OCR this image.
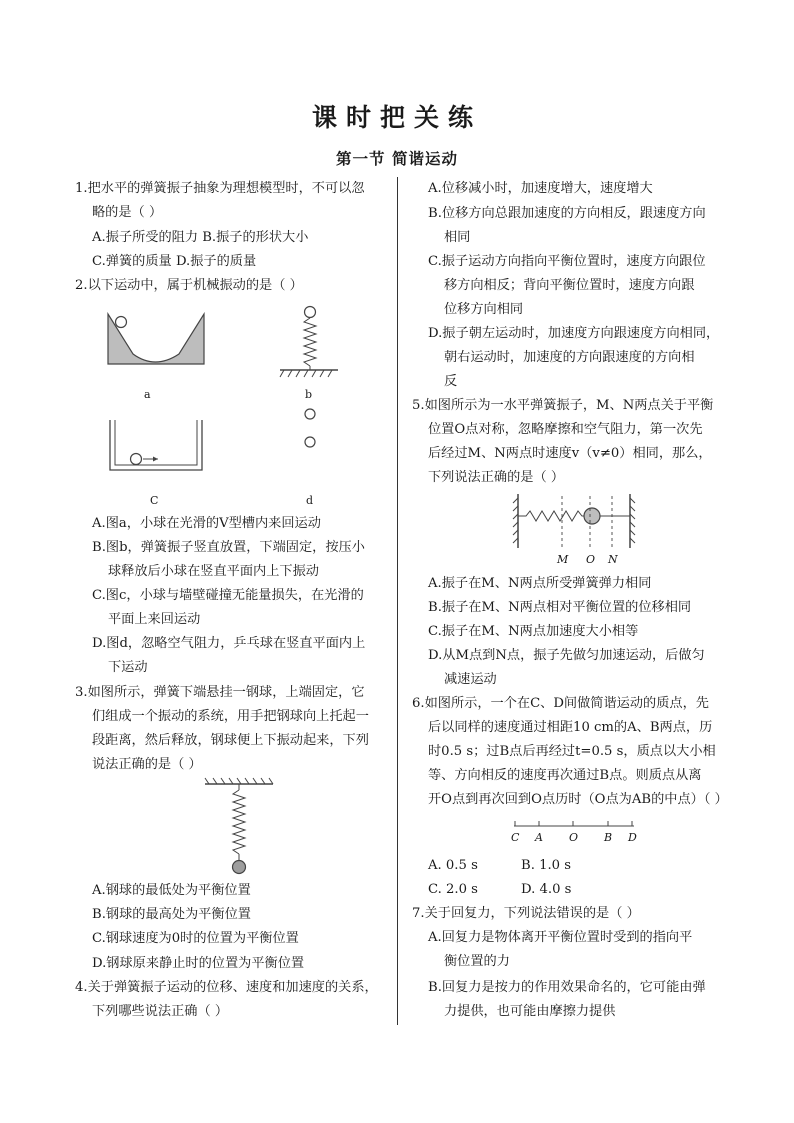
课时把关练
第一节 简谐运动
1.把水平的弹簧振子抽象为理想模型时，不可以忽
略的是（ ）
A.振子所受的阻力 B.振子的形状大小
C.弹簧的质量 D.振子的质量
2.以下运动中，属于机械振动的是（ ）
a	b
C	d
A.图a，小球在光滑的V型槽内来回运动
B.图b，弹簧振子竖直放置，下端固定，按压小
球释放后小球在竖直平面内上下振动
C.图c，小球与墙壁碰撞无能量损失，在光滑的
平面上来回运动
D.图d，忽略空气阻力，乒乓球在竖直平面内上
下运动
3.如图所示，弹簧下端悬挂一钢球，上端固定，它
们组成一个振动的系统，用手把钢球向上托起一
段距离，然后释放，钢球便上下振动起来，下列
说法正确的是（ ）
A.钢球的最低处为平衡位置
B.钢球的最高处为平衡位置
C.钢球速度为0时的位置为平衡位置
D.钢球原来静止时的位置为平衡位置
4.关于弹簧振子运动的位移、速度和加速度的关系，
下列哪些说法正确（ ）
A.位移减小时，加速度增大，速度增大
B.位移方向总跟加速度的方向相反，跟速度方向
相同
C.振子运动方向指向平衡位置时，速度方向跟位
移方向相反；背向平衡位置时，速度方向跟
位移方向相同
D.振子朝左运动时，加速度方向跟速度方向相同，
朝右运动时，加速度的方向跟速度的方向相
反
5.如图所示为一水平弹簧振子，M、N两点关于平衡
位置O点对称，忽略摩擦和空气阻力，第一次先
后经过M、N两点时速度v（v≠0）相同，那么，
下列说法正确的是（ ）
M O N
A.振子在M、N两点所受弹簧弹力相同
B.振子在M、N两点相对平衡位置的位移相同
C.振子在M、N两点加速度大小相等
D.从M点到N点，振子先做匀加速运动，后做匀
减速运动
6.如图所示，一个在C、D间做简谐运动的质点，先
后以同样的速度通过相距10 cm的A、B两点，历
时0.5 s；过B点后再经过t=0.5 s，质点以大小相
等、方向相反的速度再次通过B点。则质点从离
开O点到再次回到O点历时（O点为AB的中点）（ ）
C A O B D
A. 0.5 s	B. 1.0 s
C. 2.0 s	D. 4.0 s
7.关于回复力，下列说法错误的是（ ）
A.回复力是物体离开平衡位置时受到的指向平
衡位置的力
B.回复力是按力的作用效果命名的，它可能由弹
力提供，也可能由摩擦力提供
